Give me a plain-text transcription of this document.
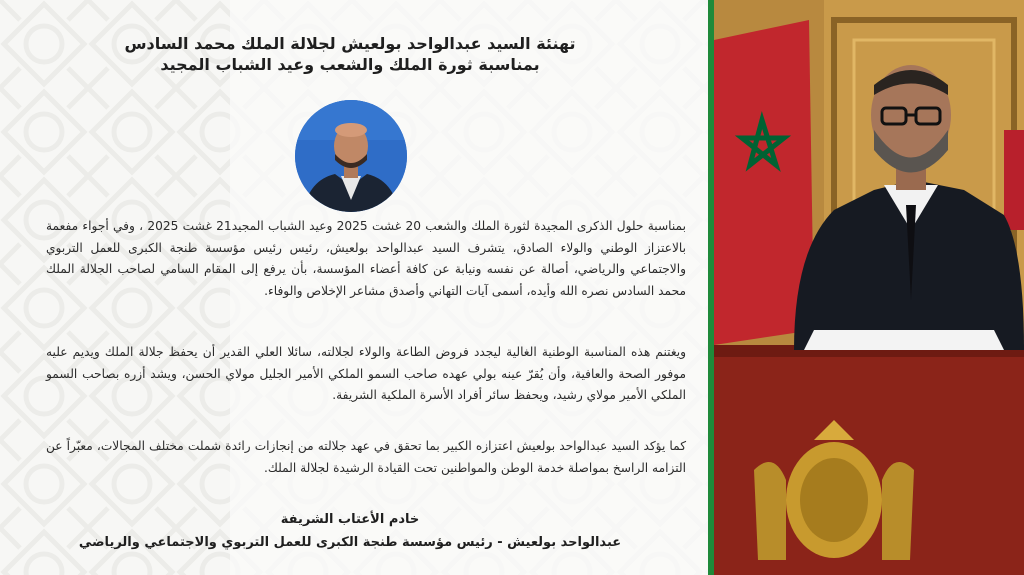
تهنئة السيد عبدالواحد بولعيش لجلالة الملك محمد السادس
بمناسبة ثورة الملك والشعب وعيد الشباب المجيد

بمناسبة حلول الذكرى المجيدة لثورة الملك والشعب 20 غشت 2025 وعيد الشباب المجيد21 غشت 2025 ، وفي أجواء مفعمة بالاعتزاز الوطني والولاء الصادق، يتشرف السيد عبدالواحد بولعيش، رئيس رئيس مؤسسة طنجة الكبرى للعمل التربوي والاجتماعي والرياضي، أصالة عن نفسه ونيابة عن كافة أعضاء المؤسسة، بأن يرفع إلى المقام السامي لصاحب الجلالة الملك محمد السادس نصره الله وأيده، أسمى آيات التهاني وأصدق مشاعر الإخلاص والوفاء.

ويغتنم هذه المناسبة الوطنية الغالية ليجدد فروض الطاعة والولاء لجلالته، سائلا العلي القدير أن يحفظ جلالة الملك ويديم عليه موفور الصحة والعافية، وأن يُقرّ عينه بولي عهده صاحب السمو الملكي الأمير الجليل مولاي الحسن، ويشد أزره بصاحب السمو الملكي الأمير مولاي رشيد، ويحفظ سائر أفراد الأسرة الملكية الشريفة.

كما يؤكد السيد عبدالواحد بولعيش اعتزازه الكبير بما تحقق في عهد جلالته من إنجازات رائدة شملت مختلف المجالات، معبّراً عن التزامه الراسخ بمواصلة خدمة الوطن والمواطنين تحت القيادة الرشيدة لجلالة الملك.

خادم الأعتاب الشريفة
عبدالواحد بولعيش - رئيس مؤسسة طنجة الكبرى للعمل التربوي والاجتماعي والرياضي
